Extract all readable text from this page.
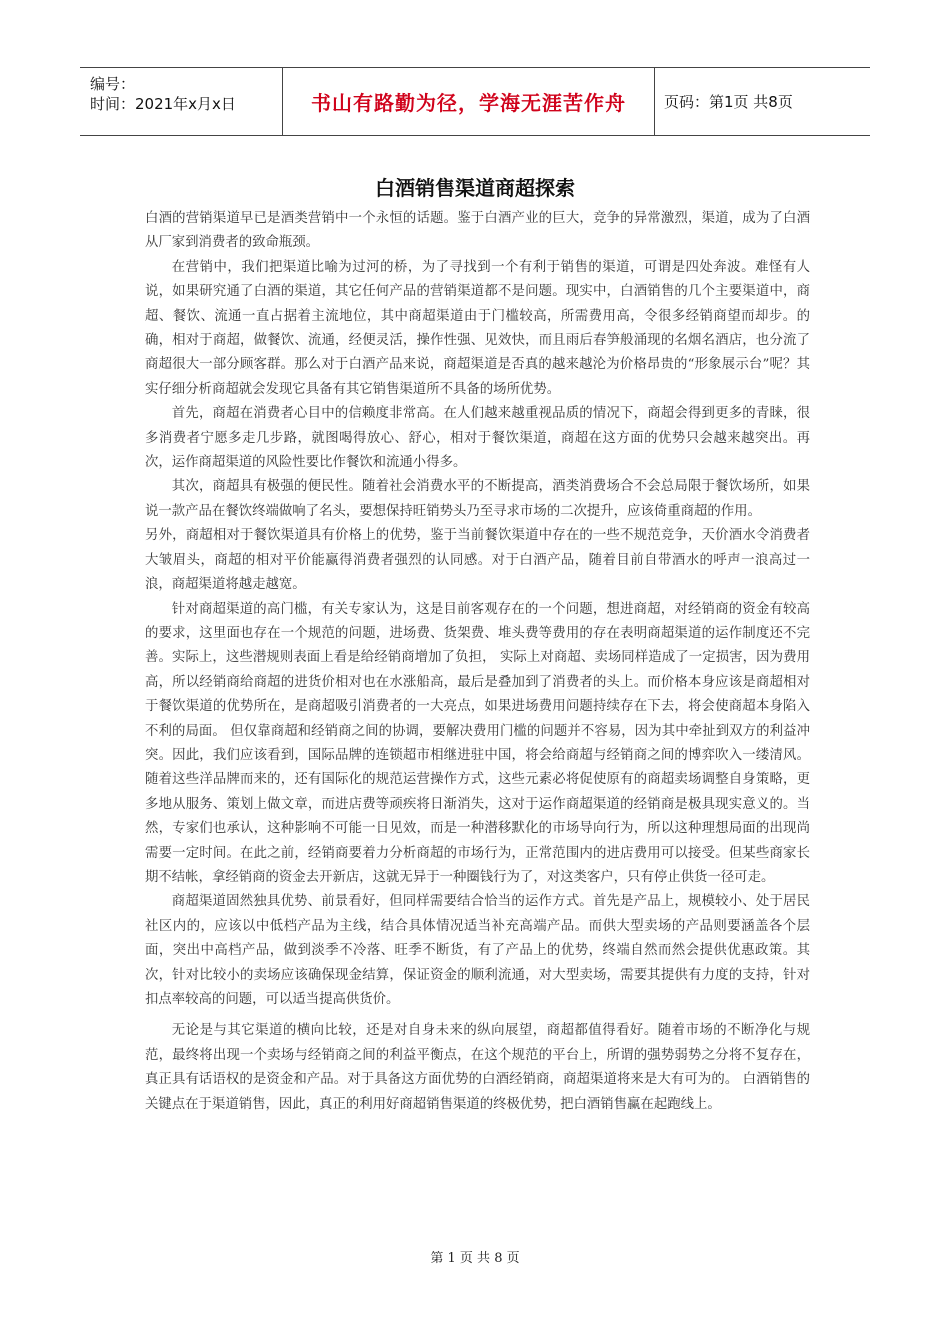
编号：
时间：2021年x月x日	书山有路勤为径，学海无涯苦作舟	页码：第1页 共8页
白酒销售渠道商超探索

白酒的营销渠道早已是酒类营销中一个永恒的话题。鉴于白酒产业的巨大，竞争的异常激烈，渠道，成为了白酒从厂家到消费者的致命瓶颈。

在营销中，我们把渠道比喻为过河的桥，为了寻找到一个有利于销售的渠道，可谓是四处奔波。难怪有人说，如果研究通了白酒的渠道，其它任何产品的营销渠道都不是问题。现实中，白酒销售的几个主要渠道中，商超、餐饮、流通一直占据着主流地位，其中商超渠道由于门槛较高，所需费用高，令很多经销商望而却步。的确，相对于商超，做餐饮、流通，经便灵活，操作性强、见效快，而且雨后春笋般涌现的名烟名酒店，也分流了商超很大一部分顾客群。那么对于白酒产品来说，商超渠道是否真的越来越沦为价格昂贵的“形象展示台”呢？其实仔细分析商超就会发现它具备有其它销售渠道所不具备的场所优势。

首先，商超在消费者心目中的信赖度非常高。在人们越来越重视品质的情况下，商超会得到更多的青睐，很多消费者宁愿多走几步路，就图喝得放心、舒心，相对于餐饮渠道，商超在这方面的优势只会越来越突出。再次，运作商超渠道的风险性要比作餐饮和流通小得多。

其次，商超具有极强的便民性。随着社会消费水平的不断提高，酒类消费场合不会总局限于餐饮场所，如果说一款产品在餐饮终端做响了名头，要想保持旺销势头乃至寻求市场的二次提升，应该倚重商超的作用。

另外，商超相对于餐饮渠道具有价格上的优势，鉴于当前餐饮渠道中存在的一些不规范竞争，天价酒水令消费者大皱眉头，商超的相对平价能赢得消费者强烈的认同感。对于白酒产品，随着目前自带酒水的呼声一浪高过一浪，商超渠道将越走越宽。

针对商超渠道的高门槛，有关专家认为，这是目前客观存在的一个问题，想进商超，对经销商的资金有较高的要求，这里面也存在一个规范的问题，进场费、货架费、堆头费等费用的存在表明商超渠道的运作制度还不完善。实际上，这些潜规则表面上看是给经销商增加了负担， 实际上对商超、卖场同样造成了一定损害，因为费用高，所以经销商给商超的进货价相对也在水涨船高，最后是叠加到了消费者的头上。而价格本身应该是商超相对于餐饮渠道的优势所在，是商超吸引消费者的一大亮点，如果进场费用问题持续存在下去，将会使商超本身陷入不利的局面。 但仅靠商超和经销商之间的协调，要解决费用门槛的问题并不容易，因为其中牵扯到双方的利益冲突。因此，我们应该看到，国际品牌的连锁超市相继进驻中国，将会给商超与经销商之间的博弈吹入一缕清风。随着这些洋品牌而来的，还有国际化的规范运营操作方式，这些元素必将促使原有的商超卖场调整自身策略，更多地从服务、策划上做文章，而进店费等顽疾将日渐消失，这对于运作商超渠道的经销商是极具现实意义的。当然，专家们也承认，这种影响不可能一日见效，而是一种潜移默化的市场导向行为，所以这种理想局面的出现尚需要一定时间。在此之前，经销商要着力分析商超的市场行为，正常范围内的进店费用可以接受。但某些商家长期不结帐，拿经销商的资金去开新店，这就无异于一种圈钱行为了，对这类客户，只有停止供货一径可走。

商超渠道固然独具优势、前景看好，但同样需要结合恰当的运作方式。首先是产品上，规模较小、处于居民社区内的，应该以中低档产品为主线，结合具体情况适当补充高端产品。而供大型卖场的产品则要涵盖各个层面，突出中高档产品，做到淡季不冷落、旺季不断货，有了产品上的优势，终端自然而然会提供优惠政策。其次，针对比较小的卖场应该确保现金结算，保证资金的顺利流通，对大型卖场，需要其提供有力度的支持，针对扣点率较高的问题，可以适当提高供货价。

无论是与其它渠道的横向比较，还是对自身未来的纵向展望，商超都值得看好。随着市场的不断净化与规范，最终将出现一个卖场与经销商之间的利益平衡点，在这个规范的平台上，所谓的强势弱势之分将不复存在，真正具有话语权的是资金和产品。对于具备这方面优势的白酒经销商，商超渠道将来是大有可为的。 白酒销售的关键点在于渠道销售，因此，真正的利用好商超销售渠道的终极优势，把白酒销售赢在起跑线上。

第 1 页 共 8 页
